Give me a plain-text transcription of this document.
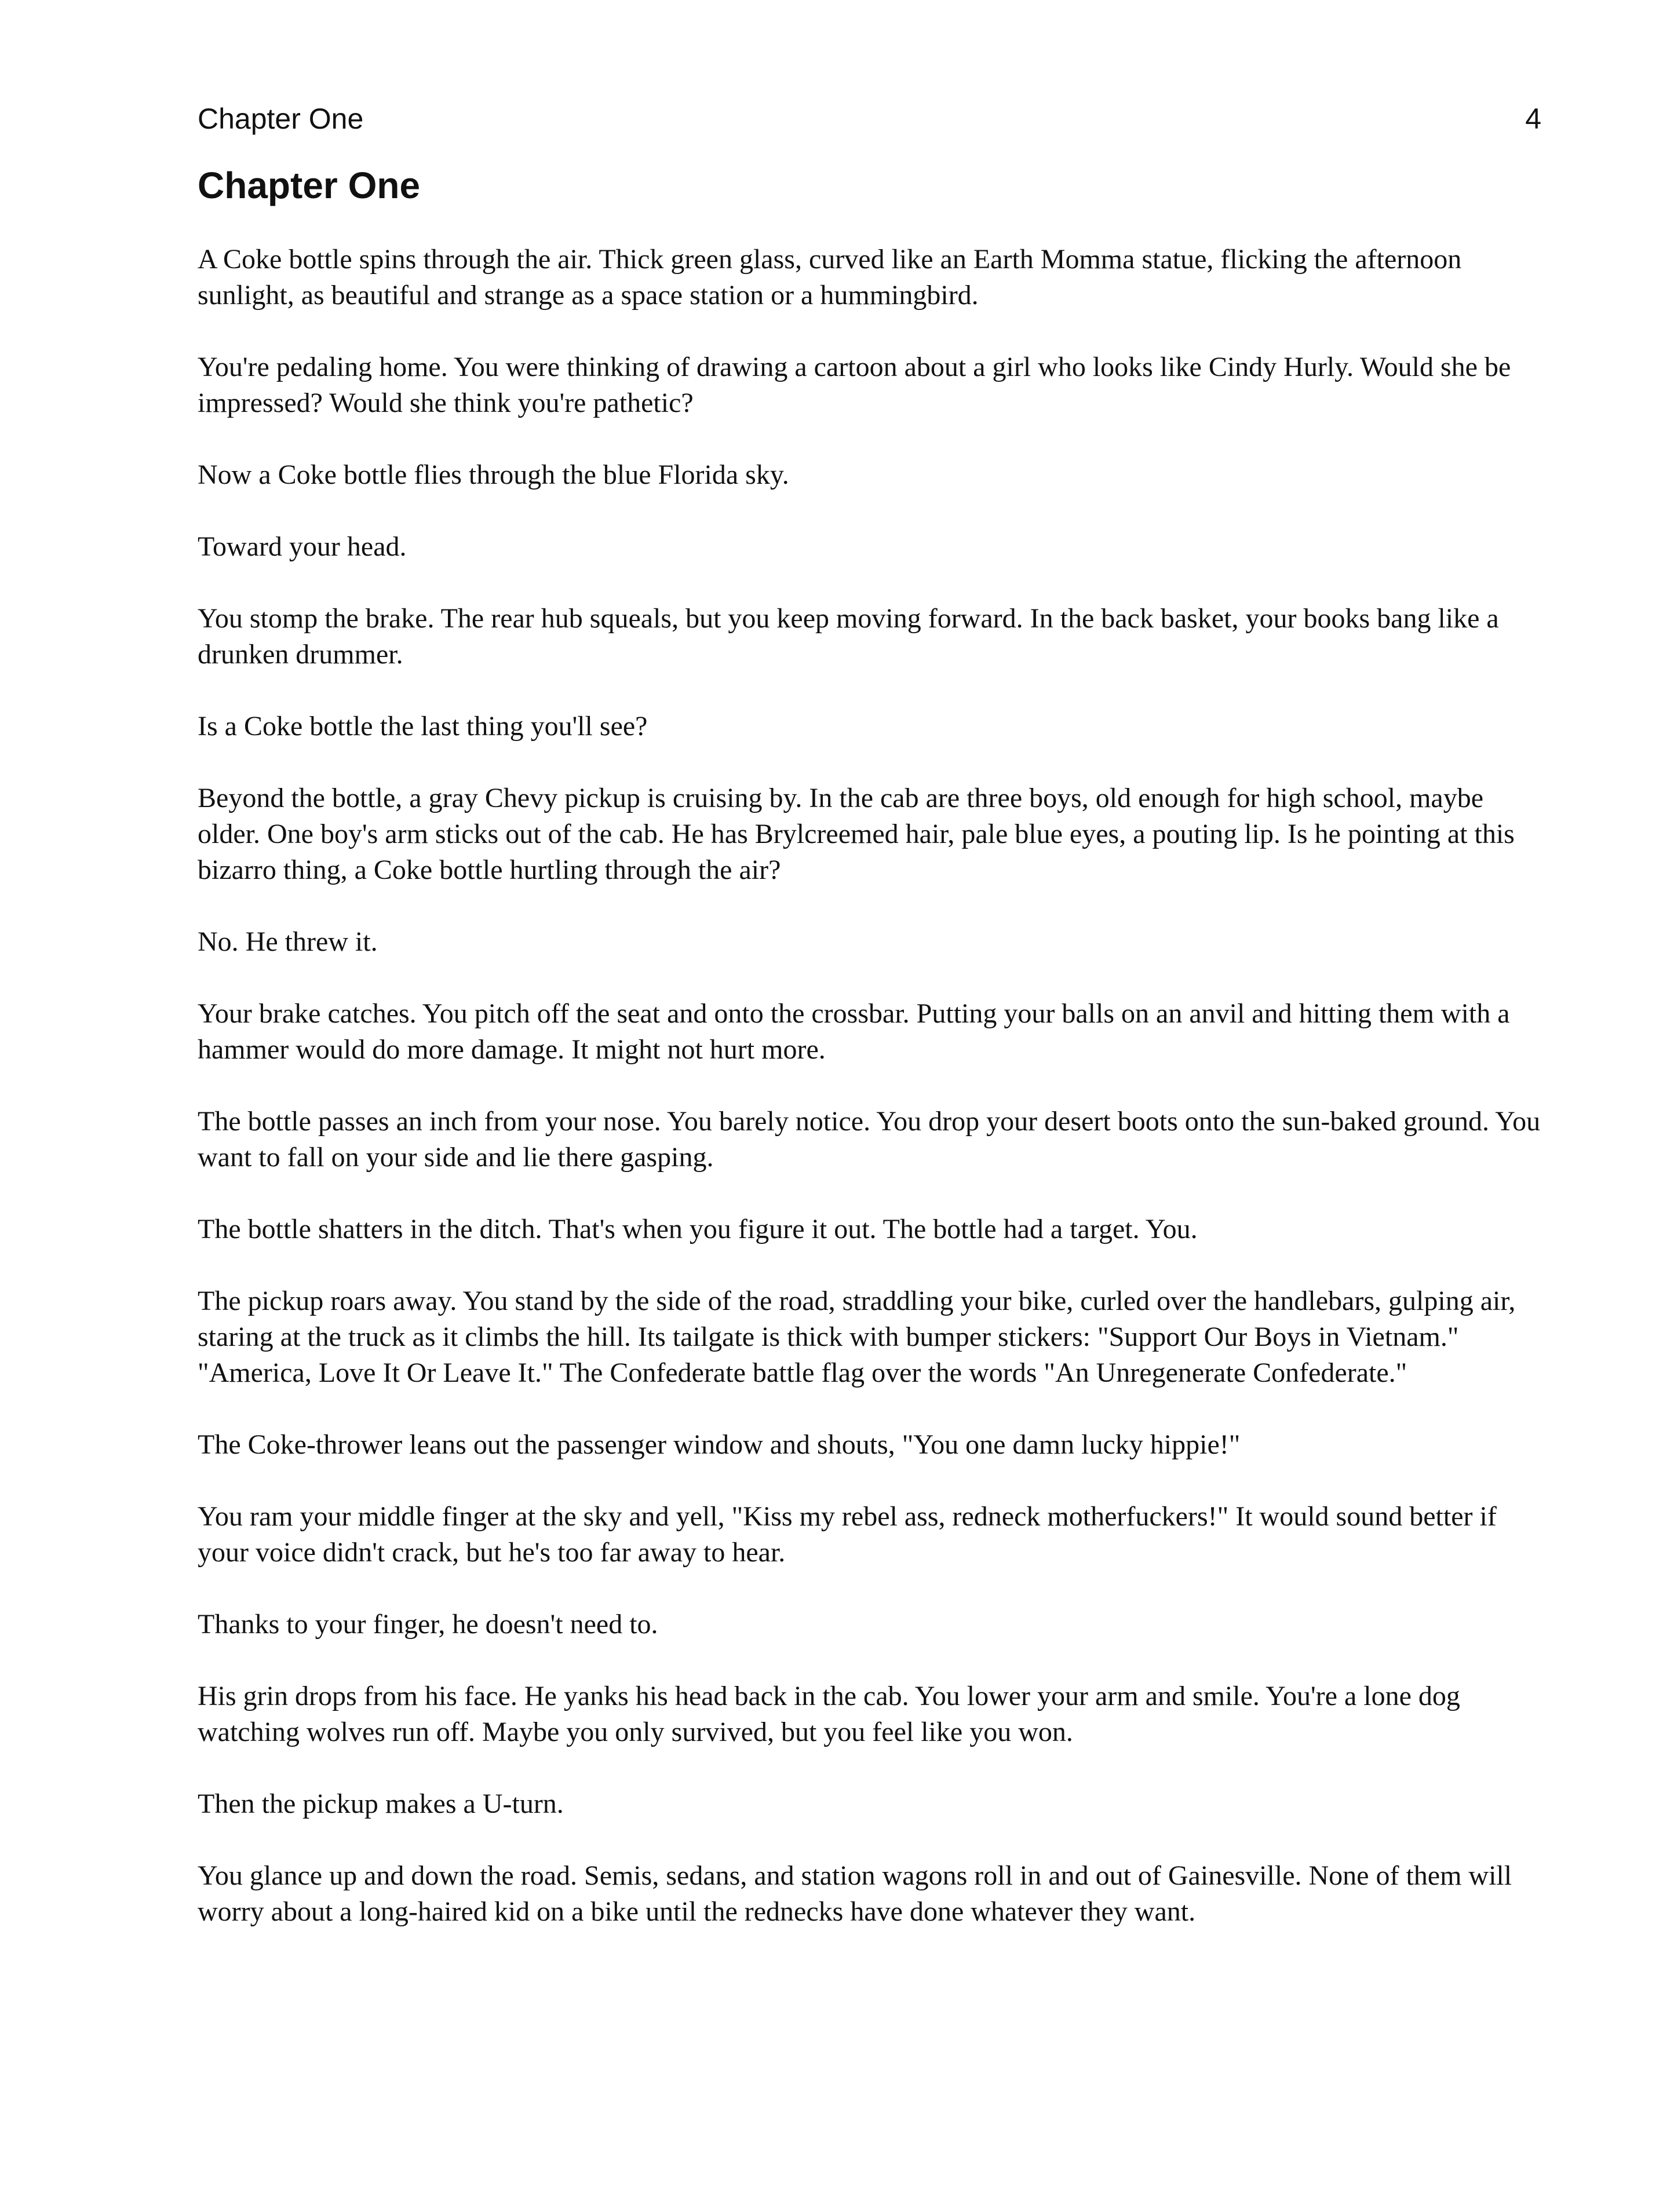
Chapter One	4
Chapter One

A Coke bottle spins through the air. Thick green glass, curved like an Earth Momma statue, flicking the afternoon sunlight, as beautiful and strange as a space station or a hummingbird.

You're pedaling home. You were thinking of drawing a cartoon about a girl who looks like Cindy Hurly. Would she be impressed? Would she think you're pathetic?

Now a Coke bottle flies through the blue Florida sky.

Toward your head.

You stomp the brake. The rear hub squeals, but you keep moving forward. In the back basket, your books bang like a drunken drummer.

Is a Coke bottle the last thing you'll see?

Beyond the bottle, a gray Chevy pickup is cruising by. In the cab are three boys, old enough for high school, maybe older. One boy's arm sticks out of the cab. He has Brylcreemed hair, pale blue eyes, a pouting lip. Is he pointing at this bizarro thing, a Coke bottle hurtling through the air?

No. He threw it.

Your brake catches. You pitch off the seat and onto the crossbar. Putting your balls on an anvil and hitting them with a hammer would do more damage. It might not hurt more.

The bottle passes an inch from your nose. You barely notice. You drop your desert boots onto the sun-baked ground. You want to fall on your side and lie there gasping.

The bottle shatters in the ditch. That's when you figure it out. The bottle had a target. You.

The pickup roars away. You stand by the side of the road, straddling your bike, curled over the handlebars, gulping air, staring at the truck as it climbs the hill. Its tailgate is thick with bumper stickers: "Support Our Boys in Vietnam." "America, Love It Or Leave It." The Confederate battle flag over the words "An Unregenerate Confederate."

The Coke-thrower leans out the passenger window and shouts, "You one damn lucky hippie!"

You ram your middle finger at the sky and yell, "Kiss my rebel ass, redneck motherfuckers!" It would sound better if your voice didn't crack, but he's too far away to hear.

Thanks to your finger, he doesn't need to.

His grin drops from his face. He yanks his head back in the cab. You lower your arm and smile. You're a lone dog watching wolves run off. Maybe you only survived, but you feel like you won.

Then the pickup makes a U-turn.

You glance up and down the road. Semis, sedans, and station wagons roll in and out of Gainesville. None of them will worry about a long-haired kid on a bike until the rednecks have done whatever they want.
